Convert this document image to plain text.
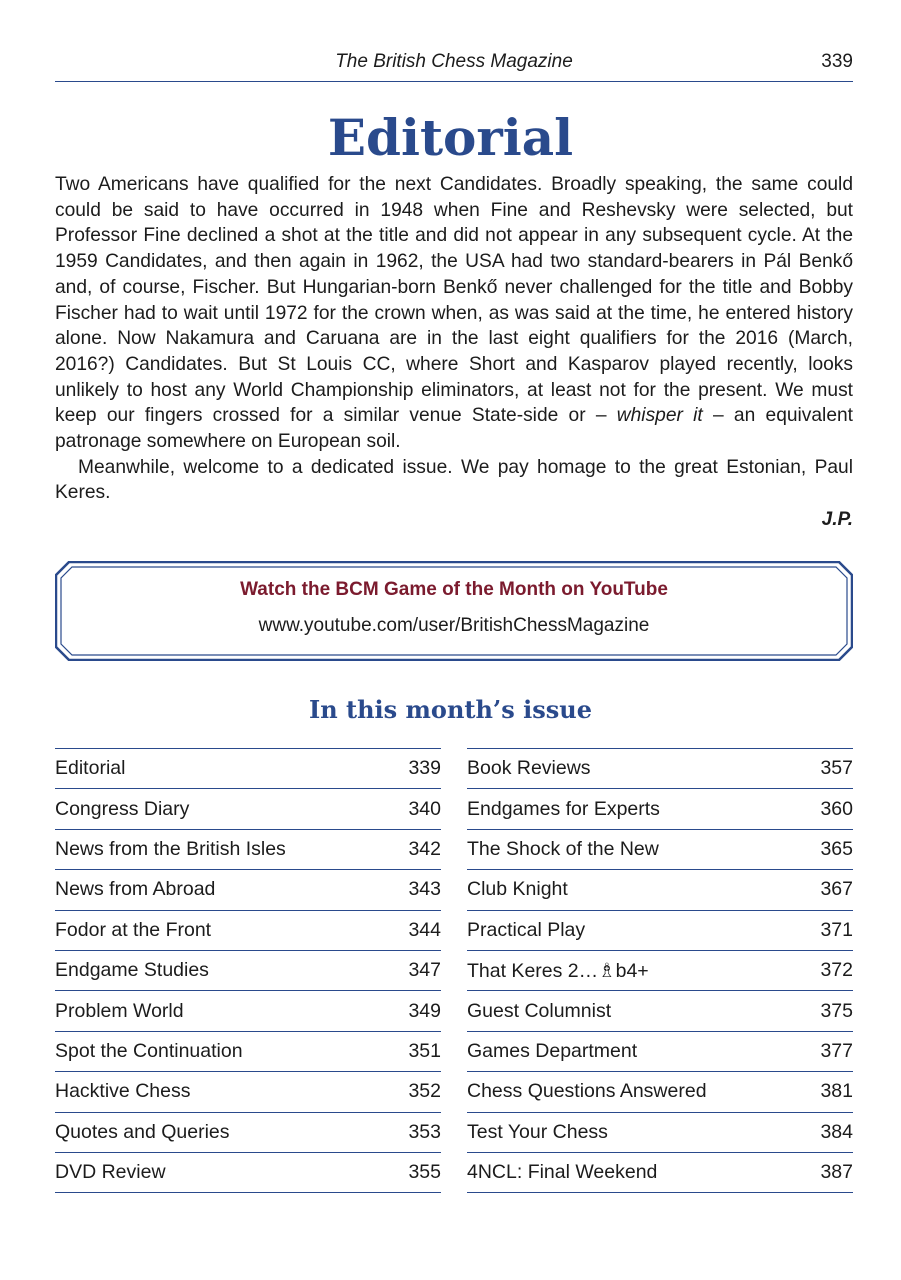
The British Chess Magazine	339
Editorial

Two Americans have qualified for the next Candidates. Broadly speaking, the same could could be said to have occurred in 1948 when Fine and Reshevsky were selected, but Professor Fine declined a shot at the title and did not appear in any subsequent cycle. At the 1959 Candidates, and then again in 1962, the USA had two standard-bearers in Pál Benkő and, of course, Fischer. But Hungarian-born Benkő never challenged for the title and Bobby Fischer had to wait until 1972 for the crown when, as was said at the time, he entered history alone. Now Nakamura and Caruana are in the last eight qualifiers for the 2016 (March, 2016?) Candidates. But St Louis CC, where Short and Kasparov played recently, looks unlikely to host any World Championship eliminators, at least not for the present. We must keep our fingers crossed for a similar venue State-side or – whisper it – an equivalent patronage somewhere on European soil.

Meanwhile, welcome to a dedicated issue. We pay homage to the great Estonian, Paul Keres.

J.P.
Watch the BCM Game of the Month on YouTube
www.youtube.com/user/BritishChessMagazine
In this month’s issue
Editorial	339
Congress Diary	340
News from the British Isles	342
News from Abroad	343
Fodor at the Front	344
Endgame Studies	347
Problem World	349
Spot the Continuation	351
Hacktive Chess	352
Quotes and Queries	353
DVD Review	355
Book Reviews	357
Endgames for Experts	360
The Shock of the New	365
Club Knight	367
Practical Play	371
That Keres 2…♗b4+	372
Guest Columnist	375
Games Department	377
Chess Questions Answered	381
Test Your Chess	384
4NCL: Final Weekend	387
